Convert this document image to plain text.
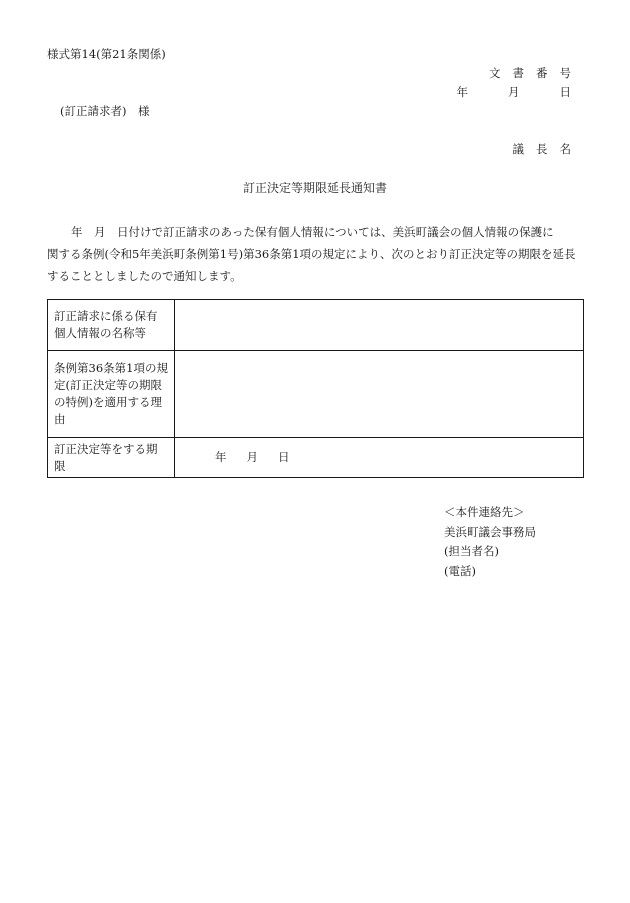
様式第14(第21条関係)
文書番号
年	月	日
(訂正請求者)　様
議長名
訂正決定等期限延長通知書
年　月　日付けで訂正請求のあった保有個人情報については、美浜町議会の個人情報の保護に
関する条例(令和5年美浜町条例第1号)第36条第1項の規定により、次のとおり訂正決定等の期限を延長
することとしましたので通知します。
訂正請求に係る保有
個人情報の名称等	

条例第36条第1項の規
定(訂正決定等の期限
の特例)を適用する理
由	

訂正決定等をする期
限	年 月 日
＜本件連絡先＞
美浜町議会事務局
(担当者名)
(電話)
